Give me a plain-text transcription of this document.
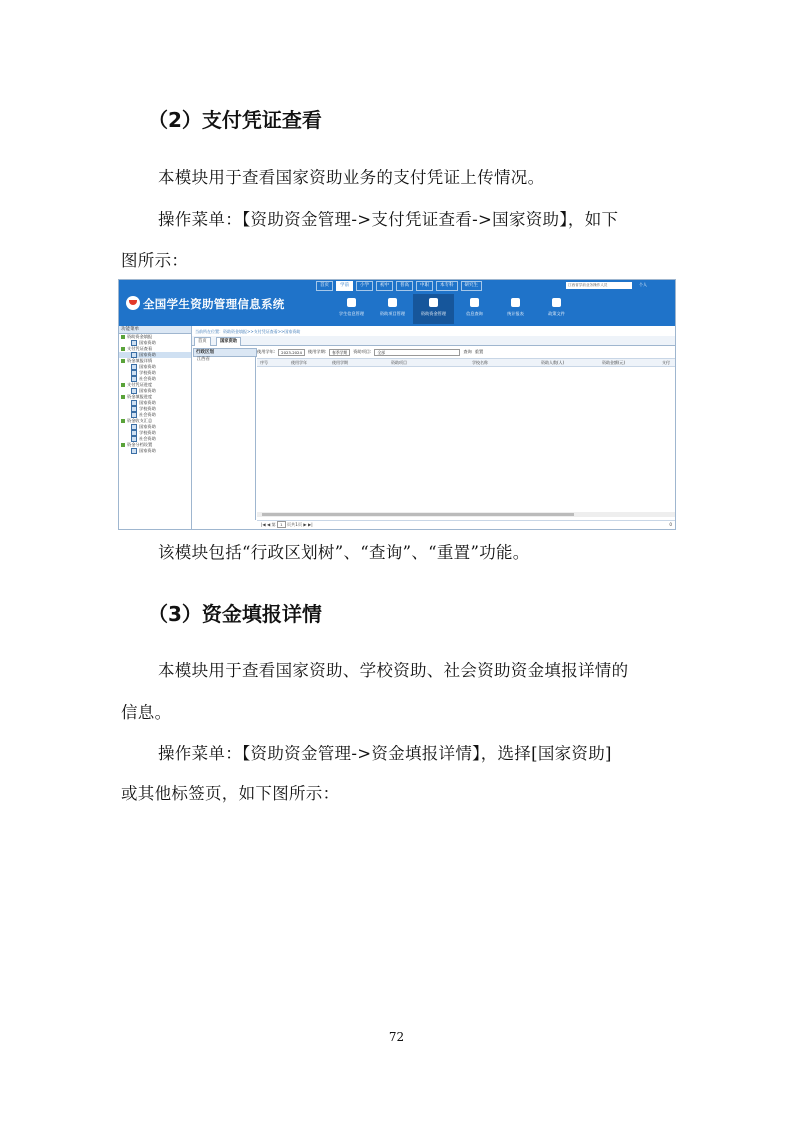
（2）支付凭证查看
本模块用于查看国家资助业务的支付凭证上传情况。
操作菜单：【资助资金管理->支付凭证查看->国家资助】，如下
图所示：
全国学生资助管理信息系统
首页	学前	小学	初中	普高	中职	本专科	研究生	江西省学前业务操作人员	个人
学生信息管理	资助项目管理	资助资金管理	信息查询	统计报表	政策文件
功能菜单
资助资金填报
国家资助
支付凭证查看
国家资助
资金填报详情
国家资助
学校资助
社会资助
支付凭证进度
国家资助
资金填报进度
国家资助
学校资助
社会资助
资金收支汇总
国家资助
学校资助
社会资助
资金分档设置
国家资助
当前所在位置：资助资金填报>>支付凭证查看>>国家资助
首页	国家资助
行政区划
江西省
使用学年:	2023-2024	使用学期:	春季学期	资助项目:	全部	查询 重置
序号	使用学年	使用学期	资助项目	学校名称	资助人数(人)	资助金额(元)	支付
|◀ ◀ 第 1 页共1页 ▶ ▶|	0
该模块包括“行政区划树”、“查询”、“重置”功能。
（3）资金填报详情
本模块用于查看国家资助、学校资助、社会资助资金填报详情的
信息。
操作菜单：【资助资金管理->资金填报详情】，选择[国家资助]
或其他标签页，如下图所示：
72
